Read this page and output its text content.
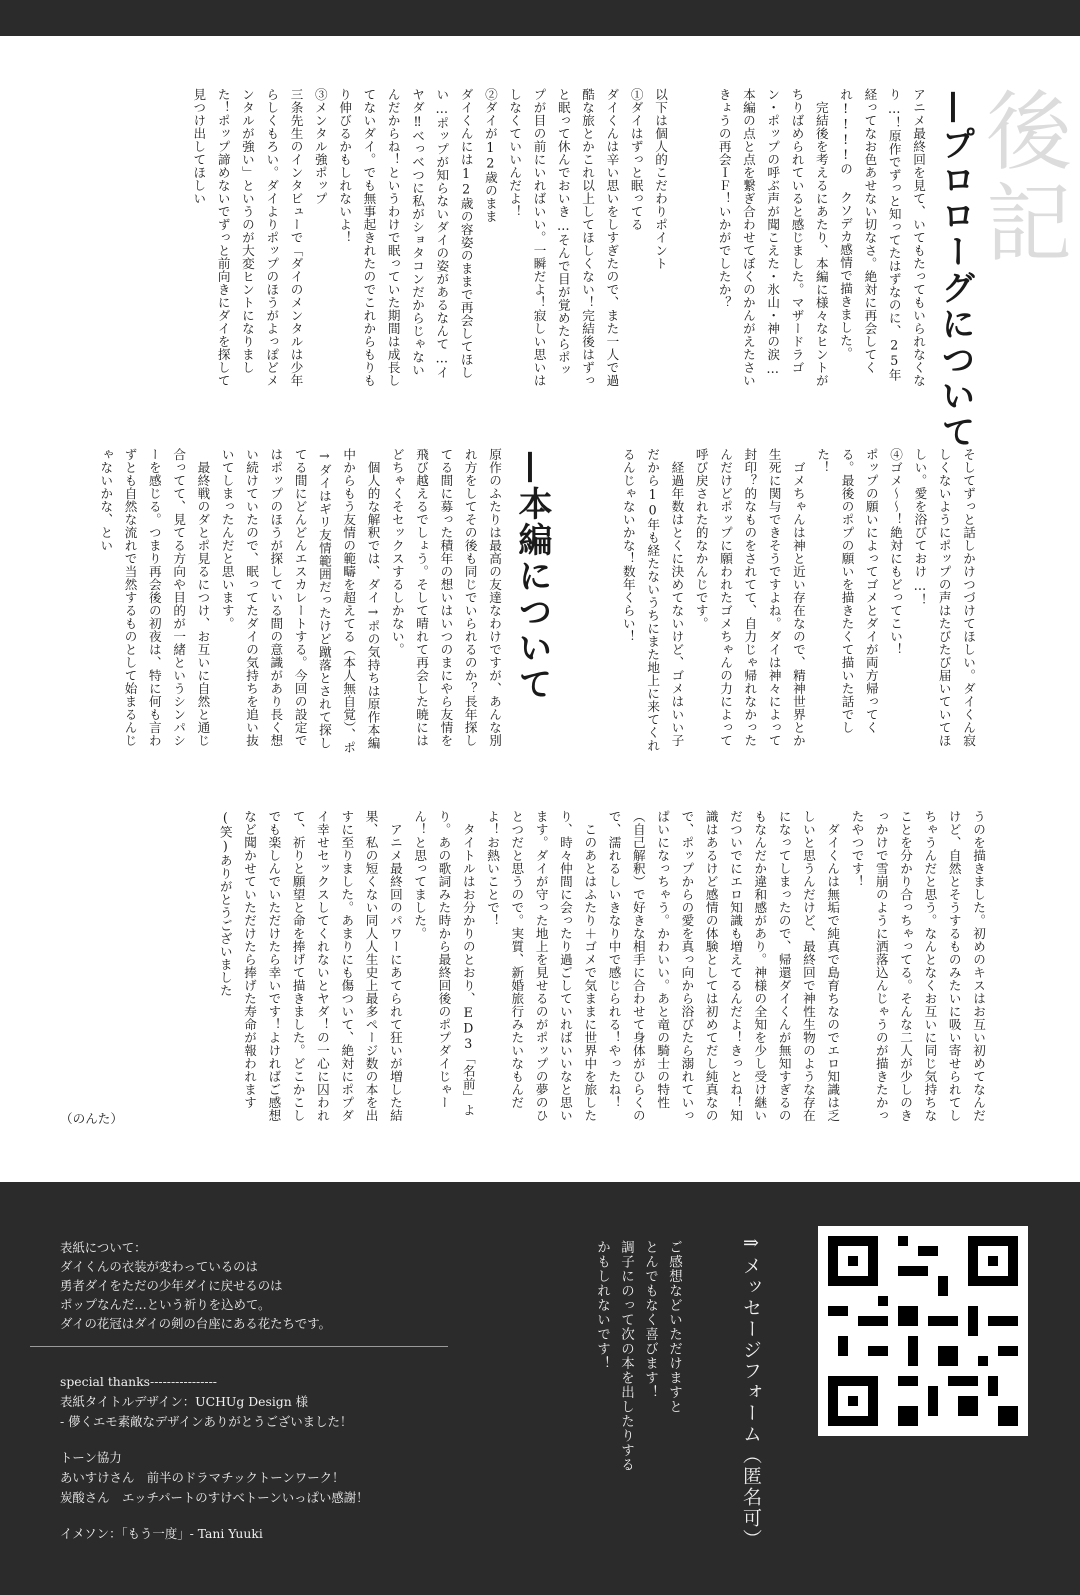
後記
—プロローグについて
アニメ最終回を見て、いてもたってもいられなくなり…！原作でずっと知ってたはずなのに、25年経ってなお色あせない切なさ。絶対に再会してくれ!!!!の クソデカ感情で描きました。
　完結後を考えるにあたり、本編に様々なヒントがちりばめられていると感じました。マザードラゴン・ポップの呼ぶ声が聞こえた・氷山・神の涙…本編の点と点を繋ぎ合わせてぼくのかんがえたさいきょうの再会ＩＦ！いかがでしたか？
以下は個人的こだわりポイント
①ダイはずっと眠ってる
ダイくんは辛い思いをしすぎたので、また一人で過酷な旅とかこれ以上してほしくない！完結後はずっと眠って休んでおいき…そんで目が覚めたらポップが目の前にいればいい。一瞬だよ！寂しい思いはしなくていいんだよ！
②ダイが12歳のまま
ダイくんには12歳の容姿のままで再会してほしい…ポップが知らないダイの姿があるなんて…イヤダ‼べっべつに私がショタコンだからじゃないんだからね！というわけで眠っていた期間は成長してないダイ。でも無事起きれたのでこれからもりもり伸びるかもしれないよ！
③メンタル強ポップ
三条先生のインタビューで「ダイのメンタルは少年らしくもろい。ダイよりポップのほうがよっぽどメンタルが強い」というのが大変ヒントになりました！ポップ諦めないでずっと前向きにダイを探して見つけ出してほしい
そしてずっと話しかけつづけてほしい。ダイくん寂しくないようにポップの声はたびたび届いていてほしい。愛を浴びておけ…！
④ゴメ〜〜！絶対にもどってこい！
ポップの願いによってゴメとダイが両方帰ってくる。最後のポプの願いを描きたくて描いた話でした！
　ゴメちゃんは神と近い存在なので、精神世界とか生死に関与できそうですよね。ダイは神々によって封印？的なものをされてて、自力じゃ帰れなかったんだけどポップに願われたゴメちゃんの力によって呼び戻された的なかんじです。
　経過年数はとくに決めてないけど、ゴメはいい子だから10年も経たないうちにまた地上に来てくれるんじゃないかな！数年くらい！
—本編について
原作のふたりは最高の友達なわけですが、あんな別れ方をしてその後も同じでいられるのか？長年探してる間に募った積年の想いはいつのまにやら友情を飛び越えるでしょう。そして晴れて再会した暁にはどちゃくそセックスするしかない。
　個人的な解釈では、ダイ→ポの気持ちは原作本編中からもう友情の範疇を超えてる（本人無自覚）、ポ→ダイはギリ友情範囲だったけど蹴落とされて探してる間にどんどんエスカレートする。今回の設定ではポップのほうが探している間の意識があり長く想い続けていたので、眠ってたダイの気持ちを追い抜いてしまったんだと思います。
　最終戦のダとポ見るにつけ、お互いに自然と通じ合ってて、見てる方向や目的が一緒というシンパシーを感じる。つまり再会後の初夜は、特に何も言わずとも自然な流れで当然するものとして始まるんじゃないかな、とい
うのを描きました。初めのキスはお互い初めてなんだけど、自然とそうするものみたいに吸い寄せられてしちゃうんだと思う。なんとなくお互いに同じ気持ちなことを分かり合っちゃってる。そんな二人が少しのきっかけで雪崩のように洒落込んじゃうのが描きたかったやつです！
　ダイくんは無垢で純真で島育ちなのでエロ知識は乏しいと思うんだけど、最終回で神性生物のような存在になってしまったので、帰還ダイくんが無知すぎるのもなんだか違和感があり。神様の全知を少し受け継いだついでにエロ知識も増えてるんだよ！きっとね！知識はあるけど感情の体験としては初めてだし純真なので、ポップからの愛を真っ向から浴びたら溺れていっぱいになっちゃう。かわいい。あと竜の騎士の特性（自己解釈）で好きな相手に合わせて身体がひらくので、濡れるしいきなり中で感じられる！やったね！
　このあとはふたり＋ゴメで気ままに世界中を旅したり、時々仲間に会ったり過ごしていればいいなと思います。ダイが守った地上を見せるのがポップの夢のひとつだと思うので。実質、新婚旅行みたいなもんだよ！お熱いことで！
　タイトルはお分かりのとおり、ED3「名前」より。あの歌詞みた時から最終回後のポプダイじゃーん！と思ってました。
　アニメ最終回のパワーにあてられて狂いが増した結果、私の短くない同人人生史上最多ページ数の本を出すに至りました。あまりにも傷ついて、絶対にポプダイ幸せセックスしてくれないとヤダ！の一心に囚われて、祈りと願望と命を捧げて描きました。どこかこしでも楽しんでいただけたら幸いです！よければご感想など聞かせていただけたら捧げた寿命が報われます(笑)ありがとうございました
（のんた）
表紙について：
ダイくんの衣装が変わっているのは
勇者ダイをただの少年ダイに戻せるのは
ポップなんだ…という祈りを込めて。
ダイの花冠はダイの剣の台座にある花たちです。
special thanks----------------
表紙タイトルデザイン：UCHUg Design 様
- 儚くエモ素敵なデザインありがとうございました！
トーン協力
あいすけさん　前半のドラマチックトーンワーク！
炭酸さん　エッチパートのすけべトーンいっぱい感謝！
イメソン：「もう一度」- Tani Yuuki	⇒メッセージフォーム（匿名可）
ご感想などいただけますと
とんでもなく喜びます！
調子にのって次の本を出したりする
かもしれないです！
